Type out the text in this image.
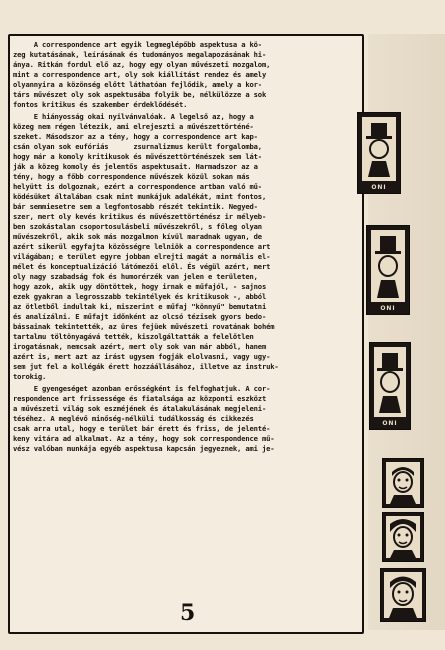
A correspondence art egyik legmeglépőbb aspektusa a kö-
zeg kutatásának, leírásának és tudományos megalapozásának hi-
ánya. Ritkán fordul elő az, hogy egy olyan művészeti mozgalom,
mint a correspondence art, oly sok kiállítást rendez és amely
olyannyira a közönség előtt láthatóan fejlődik, amely a kor-
társ művészet oly sok aspektusába folyik be, nélkülözze a sok
fontos kritikus és szakember érdeklődését.
E hiányosság okai nyilvánvalóak. A legelső az, hogy a
közeg nem régen létezik, ami elrejeszti a művészettörténé-
szeket. Másodszor az a tény, hogy a correspondence art kap-
csán olyan sok eufóriás      zsurnalizmus került forgalomba,
hogy már a komoly kritikusok és művészettörténészek sem lát-
ják a közeg komoly és jelentős aspektusait. Harmadszor az a
tény, hogy a főbb correspondence művészek közül sokan más
helyütt is dolgoznak, ezért a correspondence artban való mű-
ködésüket általában csak mint munkájuk adalékát, mint fontos,
bár semmiesetre sem a legfontosabb részét tekintik. Negyed-
szer, mert oly kevés kritikus és művészettörténész ir mélyeb-
ben szokástalan csoportosulásbeli művészekről, s főleg olyan
művészekről, akik sok más mozgalmon kívül maradnak ugyan, de
azért sikerül egyfajta közösségre lelniök a correspondence art
világában; e terület egyre jobban elrejti magát a normális el-
mélet és konceptualizáció látómezői elől. És végül azért, mert
oly nagy szabadság fok és humorérzék van jelen e területen,
hogy azok, akik ugy döntöttek, hogy irnak e műfajól, - sajnos
ezek gyakran a legrosszabb tekintélyek és kritikusok -, abból
az ötletből indultak ki, miszerint e műfaj "könnyű" bemutatni
és analízálni. E műfajt időnként az olcsó tézisek gyors bedo-
bássainak tekintették, az üres fejüek művészeti rovatának bohém
tartalmu töltönyagává tették, kiszolgáltatták a felelőtlen
irogatásnak, nemcsak azért, mert oly sok van már abból, hanem
azért is, mert azt az irást ugysem fogják elolvasni, vagy ugy-
sem jut fel a kollégák érett hozzáállásához, illetve az instruk-
torokig.
E gyengeséget azonban erősségként is felfoghatjuk. A cor-
respondence art frissessége és fiatalsága az központi eszközt
a művészeti világ sok eszméjének és átalakulásának megjeleni-
téséhez. A meglévő minőség-nélküli tudálkosság és cikkezés
csak arra utal, hogy e terület bár érett és friss, de jelenté-
keny vitára ad alkalmat. Az a tény, hogy sok correspondence mű-
vész valóban munkája egyéb aspektusa kapcsán jegyeznek, ami je-
5
ONI
ONI
ONI
